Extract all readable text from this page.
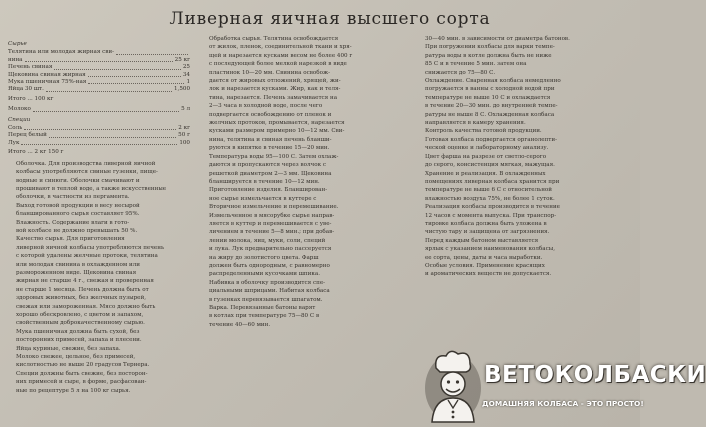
Ливерная яичная высшего сорта

Сырье

Телятина или молодая жирная сви-
нина	25 кг
Печень свиная	25
Щековина свиная жирная	34
Мука пшеничная 75%-ная	1
Яйца 30 шт.	1,500

Итого ... 100 кг

Молоко	5 л

Специи

Соль	2 кг
Перец белый	50 г
Лук	100

Итого ... 2 кг 150 г

Оболочка. Для производства ливерной яичной

колбасы употребляются свиные гузенки, пище-

водные и синюги. Оболочки смачивают и

прошивают в теплой воде, а также искусственные

оболочки, в частности из пергамента.

Выход готовой продукции в весу несырой

бланшированного сырья составляет 95%.

Влажность. Содержание влаги в гото-

вой колбасе не должно превышать 50 %.

Качество сырья. Для приготовления

ливерной яичной колбасы употребляются печень

с которой удалены желчные протоки, телятина

или молодая свинина в охлажденном или

размороженном виде. Щековина свиная

жирная не старше 4 г., свежая и проверенная

не старше 1 месяца. Печень должна быть от

здоровых животных, без желчных пузырей,

свежая или замороженная. Мясо должно быть

хорошо обескровлено, с цветом и запахом,

свойственным доброкачественному сырью.

Мука пшеничная должна быть сухой, без

посторонних примесей, запаха и плесени.

Яйца куриные, свежие, без запаха.

Молоко свежее, цельное, без примесей,

кислотностью не выше 20 градусов Тернера.

Специи должны быть свежие, без посторон-

них примесей и сыре, в форме, расфасован-

ные по рецептуре 5 л на 100 кг сырья.

Обработка сырья. Телятина освобождается

от жилок, пленок, соединительной ткани и хря-

щей и нарезается кусками весом не более 400 г

с последующей более мелкой нарезкой в виде

пластинок 10—20 мм. Свинина освобож-

дается от жировых отложений, хрящей, жи-

лок и нарезается кусками. Жир, как и теля-

тина, нарезается. Печень замачивается на

2—3 часа в холодной воде, после чего

подвергается освобождению от пленок и

желчных протоков, промывается, нарезается

кусками размером примерно 10—12 мм. Сви-

нина, телятина и свиная печень бланши-

руются в кипятке в течение 15—20 мин.

Температура воды 95—100 С. Затем охлаж-

даются и пропускаются через волчок с

решеткой диаметром 2—3 мм. Щековина

бланшируется в течение 10—12 мин.

Приготовление изделия. Бланширован-

ное сырье измельчается в куттере с

Вторичное измельчение и перемешивание.

Измельченное в мясорубке сырье направ-

ляется в куттер и перемешивается с уве-

личением в течение 5—8 мин.; при добав-

лении молока, яиц, муки, соли, специй

и лука. Лук предварительно пассеруется

на жиру до золотистого цвета. Фарш

должен быть однородным, с равномерно

распределенными кусочками шпика.

Набивка в оболочку производится спе-

циальными шприцами. Набитая колбаса

в гузенках перевязывается шпагатом.

Варка. Перевязанные батоны варят

в котлах при температуре 75—80 С в

течение 40—60 мин.

30—40 мин. в зависимости от диаметра батонов.

При погружении колбасы для варки темпе-

ратура воды в котле должна быть не ниже

85 С и в течение 5 мин. затем она

снижается до 75—80 С.

Охлаждение. Сваренная колбаса немедленно

погружается в ванны с холодной водой при

температуре не выше 10 С и охлаждается

в течение 20—30 мин. до внутренней темпе-

ратуры не выше 8 С. Охлажденная колбаса

направляется в камеру хранения.

Контроль качества готовой продукции.

Готовая колбаса подвергается органолепти-

ческой оценке и лабораторному анализу.

Цвет фарша на разрезе от светло-серого

до серого, консистенция мягкая, мажущая.

Хранение и реализация. В охлажденных

помещениях ливерная колбаса хранится при

температуре не выше 6 С с относительной

влажностью воздуха 75%, не более 1 суток.

Реализация колбасы производится в течение

12 часов с момента выпуска. При транспор-

тировке колбаса должна быть уложена в

чистую тару и защищена от загрязнения.

Перед каждым батоном выставляется

ярлык с указанием наименования колбасы,

ее сорта, цены, даты и часа выработки.

Особые условия. Применение красящих

и ароматических веществ не допускается.

ВЕТОКОЛБАСКИ
ДОМАШНЯЯ КОЛБАСА - ЭТО ПРОСТО!
